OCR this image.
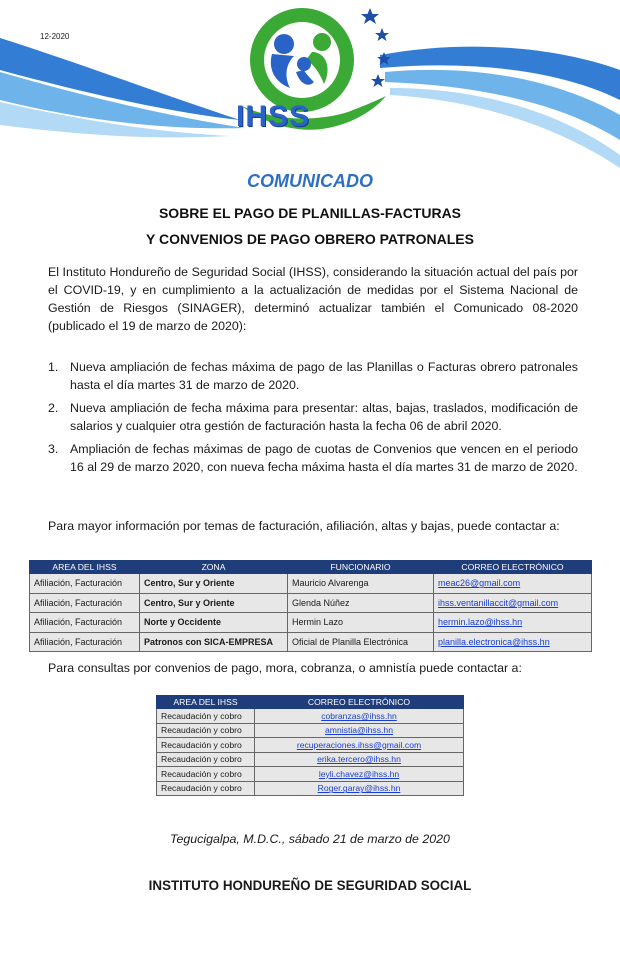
12-2020
IHSS
COMUNICADO
SOBRE EL PAGO DE PLANILLAS-FACTURAS
Y CONVENIOS DE PAGO OBRERO PATRONALES

El Instituto Hondureño de Seguridad Social (IHSS), considerando la situación actual del país por el COVID-19, y en cumplimiento a la actualización de medidas por el Sistema Nacional de Gestión de Riesgos (SINAGER), determinó actualizar también el Comunicado 08-2020 (publicado el 19 de marzo de 2020):

1. Nueva ampliación de fechas máxima de pago de las Planillas o Facturas obrero patronales hasta el día martes 31 de marzo de 2020.
2. Nueva ampliación de fecha máxima para presentar: altas, bajas, traslados, modificación de salarios y cualquier otra gestión de facturación hasta la fecha 06 de abril 2020.
3. Ampliación de fechas máximas de pago de cuotas de Convenios que vencen en el periodo 16 al 29 de marzo 2020, con nueva fecha máxima hasta el día martes 31 de marzo de 2020.

Para mayor información por temas de facturación, afiliación, altas y bajas, puede contactar a:

AREA DEL IHSS	ZONA	FUNCIONARIO	CORREO ELECTRÓNICO
Afiliación, Facturación	Centro, Sur y Oriente	Mauricio Alvarenga	meac26@gmail.com
Afiliación, Facturación	Centro, Sur y Oriente	Glenda Núñez	ihss.ventanillaccit@gmail.com
Afiliación, Facturación	Norte y Occidente	Hermin Lazo	hermin.lazo@ihss.hn
Afiliación, Facturación	Patronos con SICA-EMPRESA	Oficial de Planilla Electrónica	planilla.electronica@ihss.hn

Para consultas por convenios de pago, mora, cobranza, o amnistía puede contactar a:

AREA DEL IHSS	CORREO ELECTRÓNICO
Recaudación y cobro	cobranzas@ihss.hn
Recaudación y cobro	amnistia@ihss.hn
Recaudación y cobro	recuperaciones.ihss@gmail.com
Recaudación y cobro	erika.tercero@ihss.hn
Recaudación y cobro	leyli.chavez@ihss.hn
Recaudación y cobro	Roger.garay@ihss.hn
Tegucigalpa, M.D.C., sábado 21 de marzo de 2020
INSTITUTO HONDUREÑO DE SEGURIDAD SOCIAL
